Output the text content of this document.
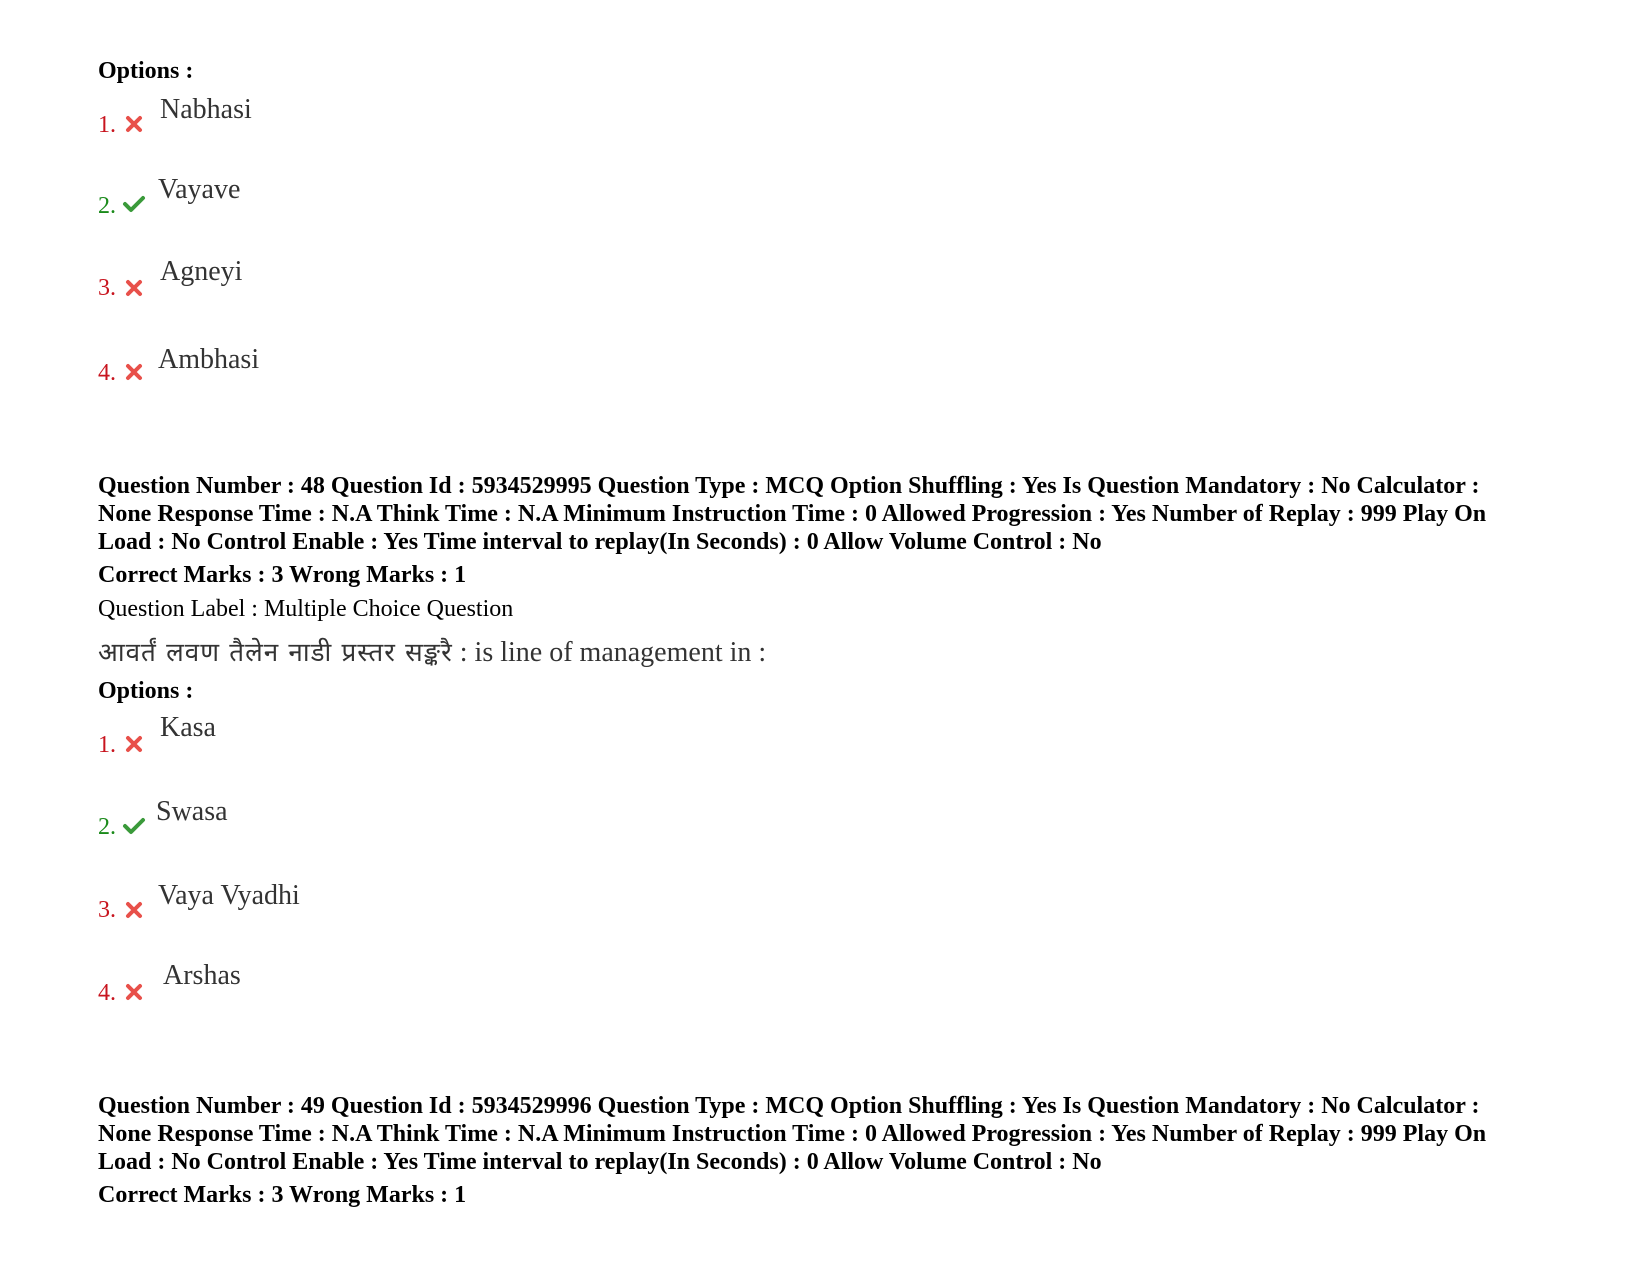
Options :
1. Nabhasi
2.
Vayave
3.
Agneyi
4. Ambhasi

Question Number : 48 Question Id : 5934529995 Question Type : MCQ Option Shuffling : Yes Is Question Mandatory : No Calculator :

None Response Time : N.A Think Time : N.A Minimum Instruction Time : 0 Allowed Progression : Yes Number of Replay : 999 Play On

Load : No Control Enable : Yes Time interval to replay(In Seconds) : 0 Allow Volume Control : No

Correct Marks : 3 Wrong Marks : 1
Question Label : Multiple Choice Question
आवर्तं लवण तैलेन नाडी प्रस्तर सङ्करै : is line of management in :
Options :
1.
Kasa
2. Swasa
3. Vaya Vyadhi
4.
Arshas

Question Number : 49 Question Id : 5934529996 Question Type : MCQ Option Shuffling : Yes Is Question Mandatory : No Calculator :

None Response Time : N.A Think Time : N.A Minimum Instruction Time : 0 Allowed Progression : Yes Number of Replay : 999 Play On

Load : No Control Enable : Yes Time interval to replay(In Seconds) : 0 Allow Volume Control : No

Correct Marks : 3 Wrong Marks : 1
